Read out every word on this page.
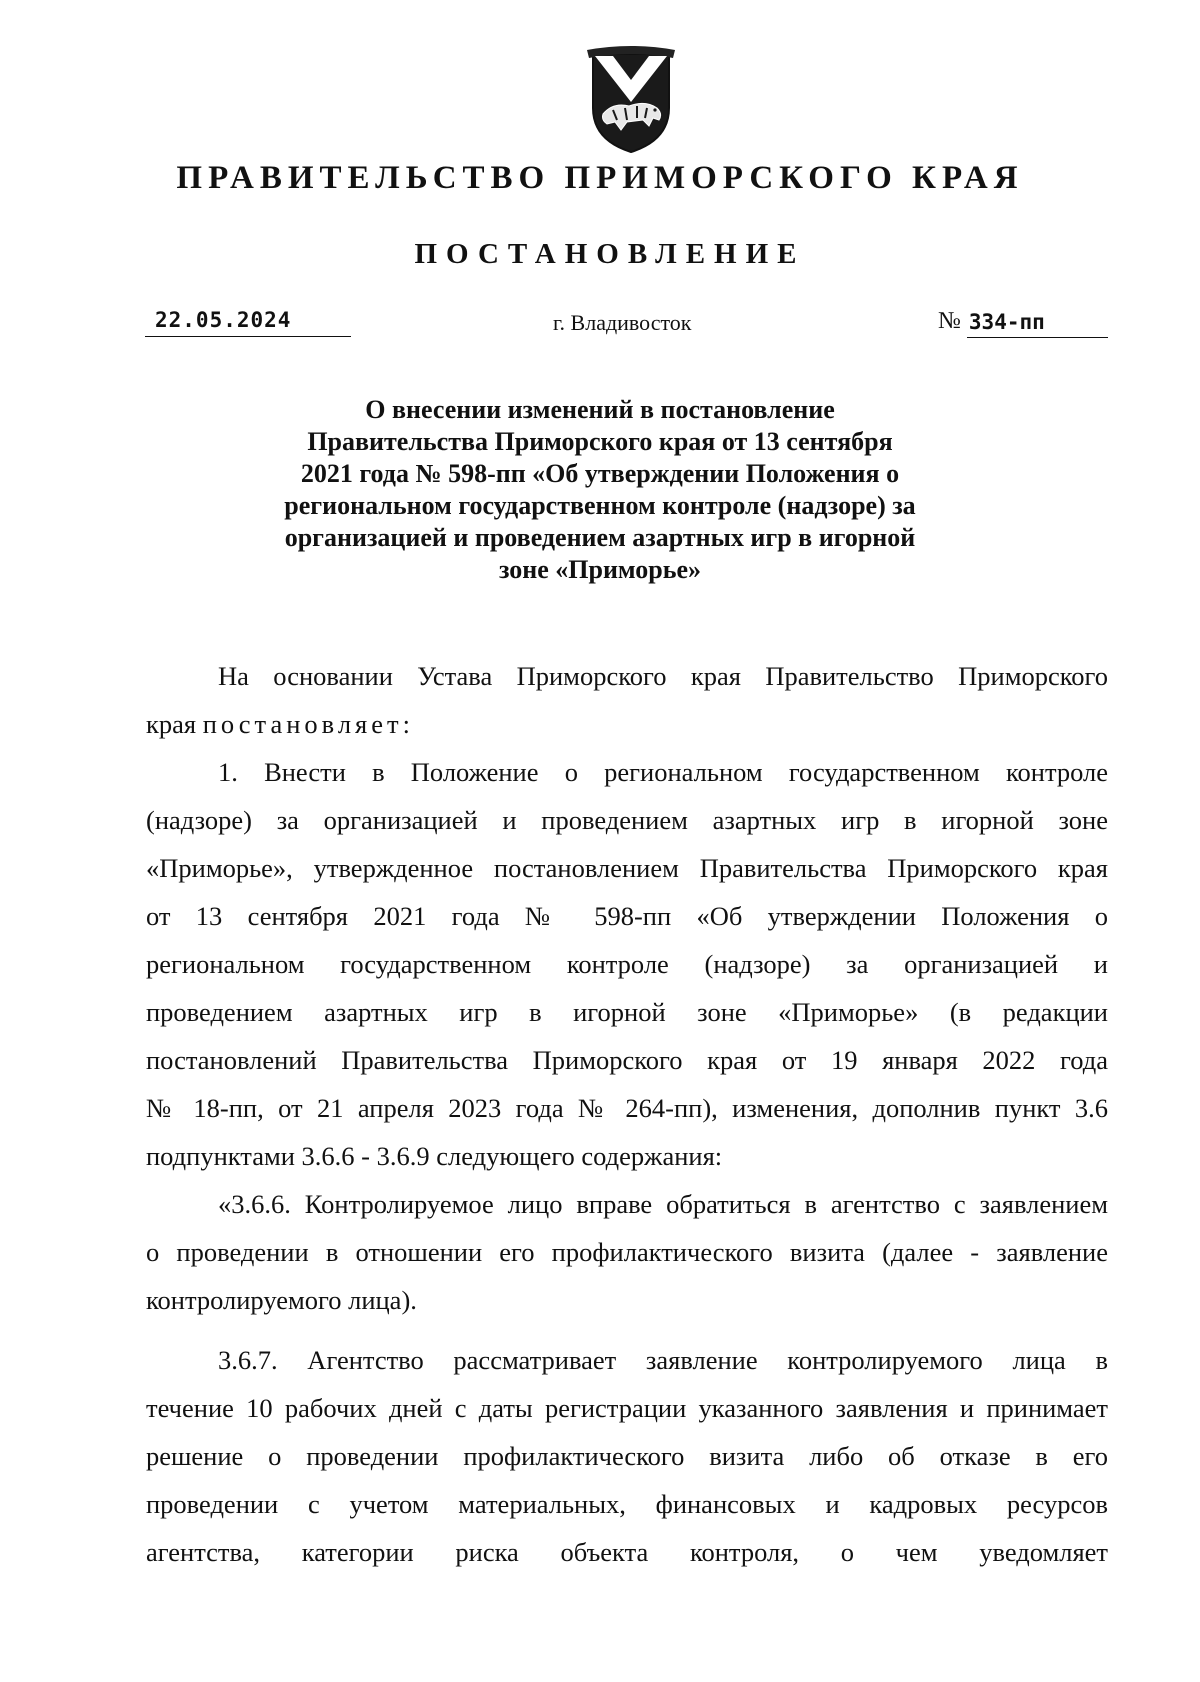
ПРАВИТЕЛЬСТВО ПРИМОРСКОГО КРАЯ
ПОСТАНОВЛЕНИЕ
22.05.2024	г. Владивосток	№ 334-пп
О внесении изменений в постановление
Правительства Приморского края от 13 сентября
2021 года № 598-пп «Об утверждении Положения о
региональном государственном контроле (надзоре) за
организацией и проведением азартных игр в игорной
зоне «Приморье»
На основании Устава Приморского края Правительство Приморского
края постановляет:
1. Внести в Положение о региональном государственном контроле
(надзоре) за организацией и проведением азартных игр в игорной зоне
«Приморье», утвержденное постановлением Правительства Приморского края
от 13 сентября 2021 года № 598-пп «Об утверждении Положения о
региональном государственном контроле (надзоре) за организацией и
проведением азартных игр в игорной зоне «Приморье» (в редакции
постановлений Правительства Приморского края от 19 января 2022 года
№ 18-пп, от 21 апреля 2023 года № 264-пп), изменения, дополнив пункт 3.6
подпунктами 3.6.6 - 3.6.9 следующего содержания:
«3.6.6. Контролируемое лицо вправе обратиться в агентство с заявлением
о проведении в отношении его профилактического визита (далее - заявление
контролируемого лица).
3.6.7. Агентство рассматривает заявление контролируемого лица в
течение 10 рабочих дней с даты регистрации указанного заявления и принимает
решение о проведении профилактического визита либо об отказе в его
проведении с учетом материальных, финансовых и кадровых ресурсов
агентства, категории риска объекта контроля, о чем уведомляет
